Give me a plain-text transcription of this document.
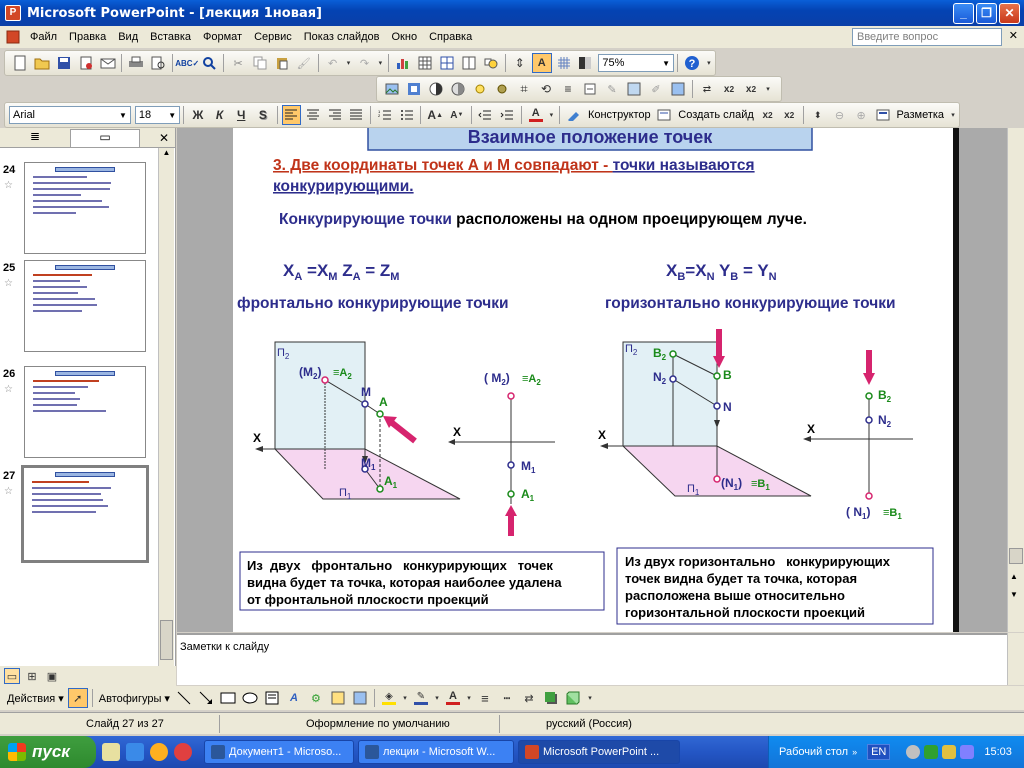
P Microsoft PowerPoint - [лекция 1новая]	_	❐	✕
Файл	Правка	Вид	Вставка	Формат	Сервис	Показ слайдов	Окно	Справка	Введите вопрос	✕
ABC✓	✂	🖌	↶	▾ ↷	▾	⇕	A	75%	▼ ?	▾
⌗	⟲	≡	✎	✐	⇄	x 2	x 2	▾
Arial	▼ 18 ▼	Ж	К	Ч	S	1
2	A ▲ A ▼	A	▾	Конструктор	Создать слайд x 2	x 2	⬍	⊖	⊕	Разметка	▾
≣	▭	✕
24
☆
25
☆
26
☆
27
☆
▲
Взаимное положение точек
3. Две координаты точек А и М совпадают - точки называются
конкурирующими.
Конкурирующие точки расположены на одном проецирующем луче.
$X_A =X_M$ $Z_A = Z_M$	$X_B=X_N$ $Y_B = Y_N$
фронтально конкурирующие точки	горизонтально конкурирующие точки
X
$П_2$
$П_1$
$(M_2) \equiv A_2$
M
A
$M_1$
$A_1$
X
( $M_2) \equiv A_2$
$M_1$
$A_1$
X
$П_2$
$П_1$
$B_2$
$N_2$	B
N
$(N_1) \equiv B_1$
X
$B_2$
$N_2$
( $N_1) \equiv B_1$
Из  двух   фронтально   конкурирующих   точек
видна будет та точка, которая наиболее удалена
от фронтальной плоскости проекций
Из двух горизонтально   конкурирующих
точек видна будет та точка, которая
расположена выше относительно
горизонтальной плоскости проекций
▲
▼
Заметки к слайду
▭ ⊞ ▣
Действия ▾ ➚	Автофигуры ▾	A	⚙	◈	▾ ✎	▾ A	▾ ≡	┅	⇄	▾
Слайд 27 из 27	Оформление по умолчанию	русский (Россия)
пуск	Документ1 - Microso...	лекции - Microsoft W...	Microsoft PowerPoint ...	Рабочий стол »	EN	15:03
